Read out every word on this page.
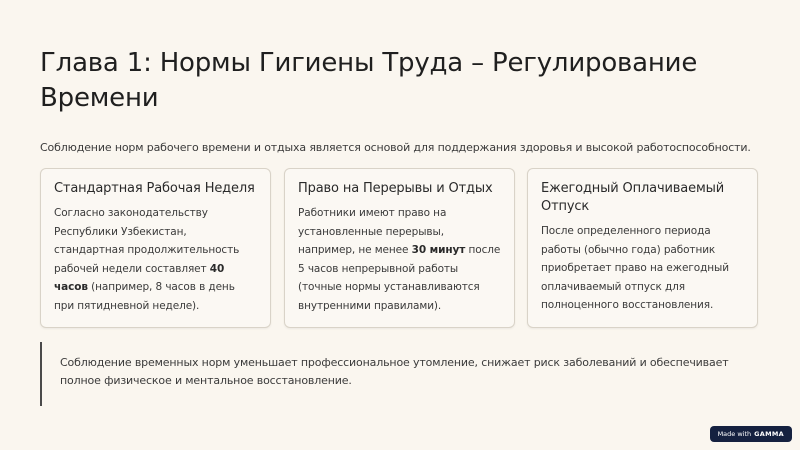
Глава 1: Нормы Гигиены Труда – Регулирование Времени

Соблюдение норм рабочего времени и отдыха является основой для поддержания здоровья и высокой работоспособности.

Стандартная Рабочая Неделя

Согласно законодательству Республики Узбекистан, стандартная продолжительность рабочей недели составляет 40 часов (например, 8 часов в день при пятидневной неделе).

Право на Перерывы и Отдых

Работники имеют право на установленные перерывы, например, не менее 30 минут после 5 часов непрерывной работы (точные нормы устанавливаются внутренними правилами).

Ежегодный Оплачиваемый Отпуск

После определенного периода работы (обычно года) работник приобретает право на ежегодный оплачиваемый отпуск для полноценного восстановления.

Соблюдение временных норм уменьшает профессиональное утомление, снижает риск заболеваний и обеспечивает полное физическое и ментальное восстановление.

Made with GAMMA
